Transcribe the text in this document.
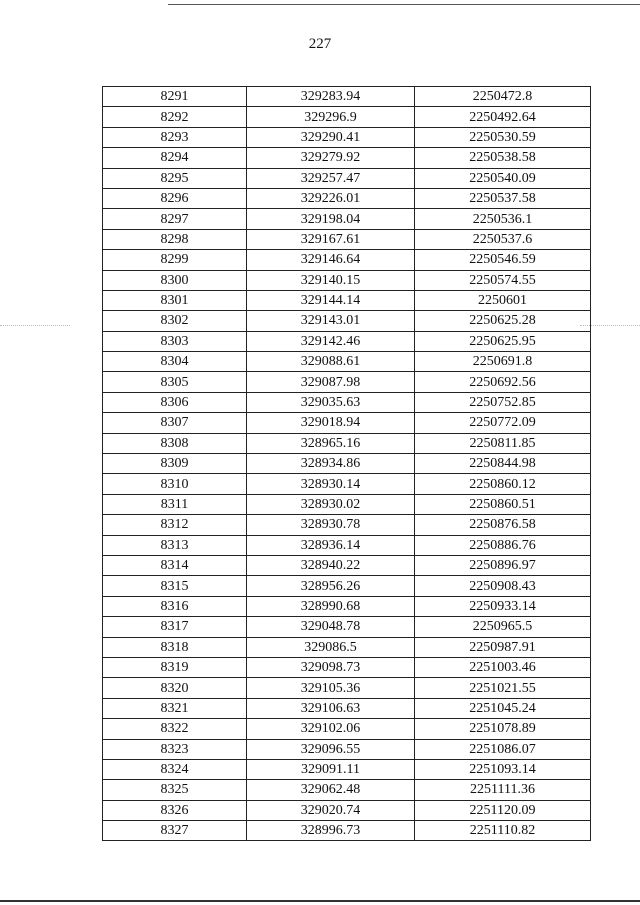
227
8291	329283.94	2250472.8
8292	329296.9	2250492.64
8293	329290.41	2250530.59
8294	329279.92	2250538.58
8295	329257.47	2250540.09
8296	329226.01	2250537.58
8297	329198.04	2250536.1
8298	329167.61	2250537.6
8299	329146.64	2250546.59
8300	329140.15	2250574.55
8301	329144.14	2250601
8302	329143.01	2250625.28
8303	329142.46	2250625.95
8304	329088.61	2250691.8
8305	329087.98	2250692.56
8306	329035.63	2250752.85
8307	329018.94	2250772.09
8308	328965.16	2250811.85
8309	328934.86	2250844.98
8310	328930.14	2250860.12
8311	328930.02	2250860.51
8312	328930.78	2250876.58
8313	328936.14	2250886.76
8314	328940.22	2250896.97
8315	328956.26	2250908.43
8316	328990.68	2250933.14
8317	329048.78	2250965.5
8318	329086.5	2250987.91
8319	329098.73	2251003.46
8320	329105.36	2251021.55
8321	329106.63	2251045.24
8322	329102.06	2251078.89
8323	329096.55	2251086.07
8324	329091.11	2251093.14
8325	329062.48	2251111.36
8326	329020.74	2251120.09
8327	328996.73	2251110.82
